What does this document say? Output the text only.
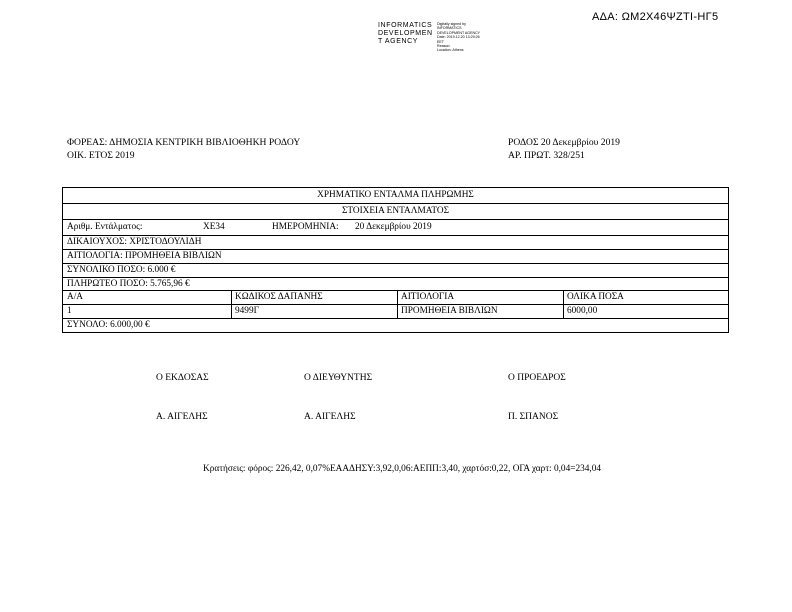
ΑΔΑ: ΩΜ2Χ46ΨΖΤΙ-ΗΓ5
INFORMATICS
DEVELOPMEN
T AGENCY
Digitally signed by
INFORMATICS
DEVELOPMENT AGENCY
Date: 2019.12.20 13:29:26
EET
Reason:
Location: Athens
ΦΟΡΕΑΣ: ΔΗΜΟΣΙΑ ΚΕΝΤΡΙΚΗ ΒΙΒΛΙΟΘΗΚΗ ΡΟΔΟΥ
ΟΙΚ. ΕΤΟΣ 2019
ΡΟΔΟΣ 20 Δεκεμβρίου 2019
ΑΡ. ΠΡΩΤ. 328/251
ΧΡΗΜΑΤΙΚΟ ΕΝΤΑΛΜΑ ΠΛΗΡΩΜΗΣ
ΣΤΟΙΧΕΙΑ ΕΝΤΑΛΜΑΤΟΣ
Αριθμ. Εντάλματος:	ΧΕ34	ΗΜΕΡΟΜΗΝΙΑ: 20 Δεκεμβρίου 2019
ΔΙΚΑΙΟΥΧΟΣ: ΧΡΙΣΤΟΔΟΥΛΙΔΗ
ΑΙΤΙΟΛΟΓΙΑ: ΠΡΟΜΗΘΕΙΑ ΒΙΒΛΙΩΝ
ΣΥΝΟΛΙΚΟ ΠΟΣΟ: 6.000 €
ΠΛΗΡΩΤΕΟ ΠΟΣΟ: 5.765,96 €
Α/Α	ΚΩΔΙΚΟΣ ΔΑΠΑΝΗΣ	ΑΙΤΙΟΛΟΓΙΑ	ΟΛΙΚΑ ΠΟΣΑ
1	9499Γ	ΠΡΟΜΗΘΕΙΑ ΒΙΒΛΙΩΝ	6000,00
ΣΥΝΟΛΟ: 6.000,00 €
Ο ΕΚΔΟΣΑΣ	Ο ΔΙΕΥΘΥΝΤΗΣ	Ο ΠΡΟΕΔΡΟΣ
Α. ΑΙΓΕΛΗΣ	Α. ΑΙΓΕΛΗΣ	Π. ΣΠΑΝΟΣ
Κρατήσεις: φόρος: 226,42, 0,07%ΕΑΑΔΗΣΥ:3,92,0,06:ΑΕΠΠ:3,40, χαρτόσ:0,22, ΟΓΑ χαρτ: 0,04=234,04
